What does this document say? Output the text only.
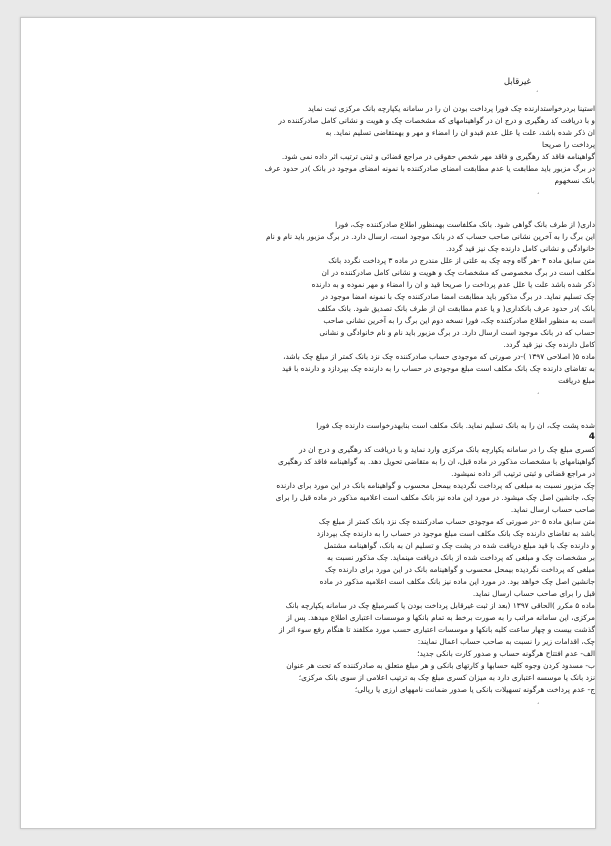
غیرقابل
،
استینا بردرخواستدارنده چک فورا پرداخت بودن ان را در سامانه یکپارچه بانک مرکزی ثبت نماید
و با دریافت کد رهگیری و درج ان در گواهینامهای که مشخصات چک و هویت و نشانی کامل صادرکننده در
ان ذکر شده باشد، علت یا علل عدم قبدو ان را امضاء و مهر و بهمتقاضی تسلیم نماید. به
پرداخت را صریحا
گواهینامه فاقد کد رهگیری و فاقد مهر شخص حقوقی در مراجع قضائی و ثبتی ترتیب اثر داده نمی شود.
در برگ مزبور باید مطابقت یا عدم مطابقت امضای صادرکننده با نمونه امضای موجود در بانک )در حدود عرف
بانک نسخهوم
،
داری( از طرف بانک گواهی شود. بانک مکلفاست بهمنظور اطلاع صادرکننده چک، فورا
این برگ را به آخرین نشانی صاحب حساب که در بانک موجود است، ارسال دارد. در برگ مزبور باید نام و نام
خانوادگی و نشانی کامل دارنده چک نیز قید گردد.
متن سابق ماده ۴ -هر گاه وجه چک به علتی از علل مندرج در ماده ۳ پرداخت نگردد بانک
مکلف است در برگ مخصوصی که مشخصات چک و هویت و نشانی کامل صادرکننده در ان
ذکر شده باشد علت یا علل عدم پرداخت را صریحا قید و ان را امضاء و مهر نموده و به دارنده
چک تسلیم نماید. در برگ مذکور باید مطابقت امضا صادرکننده چک با نمونه امضا موجود در
بانک )در حدود عرف بانکداری( و یا عدم مطابقت ان از طرف بانک تصدیق شود. بانک مکلف
است به منظور اطلاع صادرکننده چک، فورا نسخه دوم این برگ را به آخرین نشانی صاحب
حساب که در بانک موجود است ارسال دارد. در برگ مزبور باید نام و نام خانوادگی و نشانی
کامل دارنده چک نیز قید گردد.
ماده ۵( اصلاحی ۱۳۹۷ )-در صورتی که موجودی حساب صادرکننده چک نزد بانک کمتر از مبلغ چک باشد،
به تقاضای دارنده چک بانک مکلف است مبلغ موجودی در حساب را به دارنده چک بپردازد و دارنده با قید
مبلغ دریافت
،
شده پشت چک، ان را به بانک تسلیم نماید. بانک مکلف است بنابهدرخواست دارنده چک فورا
4
کسری مبلغ چک را در سامانه یکپارچه بانک مرکزی وارد نماید و با دریافت کد رهگیری و درج ان در
گواهینامهای با مشخصات مذکور در ماده قبل، ان را به متقاضی تحویل دهد. به گواهینامه فاقد کد رهگیری
در مراجع قضائی و ثبتی ترتیب اثر داده نمیشود.
چک مزبور نسبت به مبلغی که پرداخت نگردیده بیمحل محسوب و گواهینامه بانک در این مورد برای دارنده
چک، جانشین اصل چک میشود. در مورد این ماده نیز بانک مکلف است اعلامیه مذکور در ماده قبل را برای
صاحب حساب ارسال نماید.
متن سابق ماده ۵ -در صورتی که موجودی حساب صادرکننده چک نزد بانک کمتر از مبلغ چک
باشد به تقاضای دارنده چک بانک مکلف است مبلغ موجود در حساب را به دارنده چک بپردازد
و دارنده چک با قید مبلغ دریافت شده در پشت چک و تسلیم ان به بانک، گواهینامه مشتمل
بر مشخصات چک و مبلغی که پرداخت شده از بانک دریافت مینماید. چک مذکور نسبت به
مبلغی که پرداخت نگردیده بیمحل محسوب و گواهینامه بانک در این مورد برای دارنده چک
جانشین اصل چک خواهد بود. در مورد این ماده نیز بانک مکلف است اعلامیه مذکور در ماده
قبل را برای صاحب حساب ارسال نماید.
ماده ۵ مکرر )الحاقی ۱۳۹۷ (بعد از ثبت غیرقابل پرداخت بودن یا کسرمبلغ چک در سامانه یکپارچه بانک
مرکزی، این سامانه مراتب را به صورت برخط به تمام بانکها و موسسات اعتباری اطلاع میدهد. پس از
گذشت بیست و چهار ساعت کلیه بانکها و موسسات اعتباری حسب مورد مکلفند تا هنگام رفع سوء اثر از
چک، اقدامات زیر را نسبت به صاحب حساب اعمال نمایند:
الف- عدم افتتاح هرگونه حساب و صدور کارت بانکی جدید؛
ب- مسدود کردن وجوه کلیه حسابها و کارتهای بانکی و هر مبلغ متعلق به صادرکننده که تحت هر عنوان
نزد بانک یا موسسه اعتباری دارد به میزان کسری مبلغ چک به ترتیب اعلامی از سوی بانک مرکزی؛
ج- عدم پرداخت هرگونه تسهیلات بانکی یا صدور ضمانت نامههای ارزی یا ریالی؛
،
